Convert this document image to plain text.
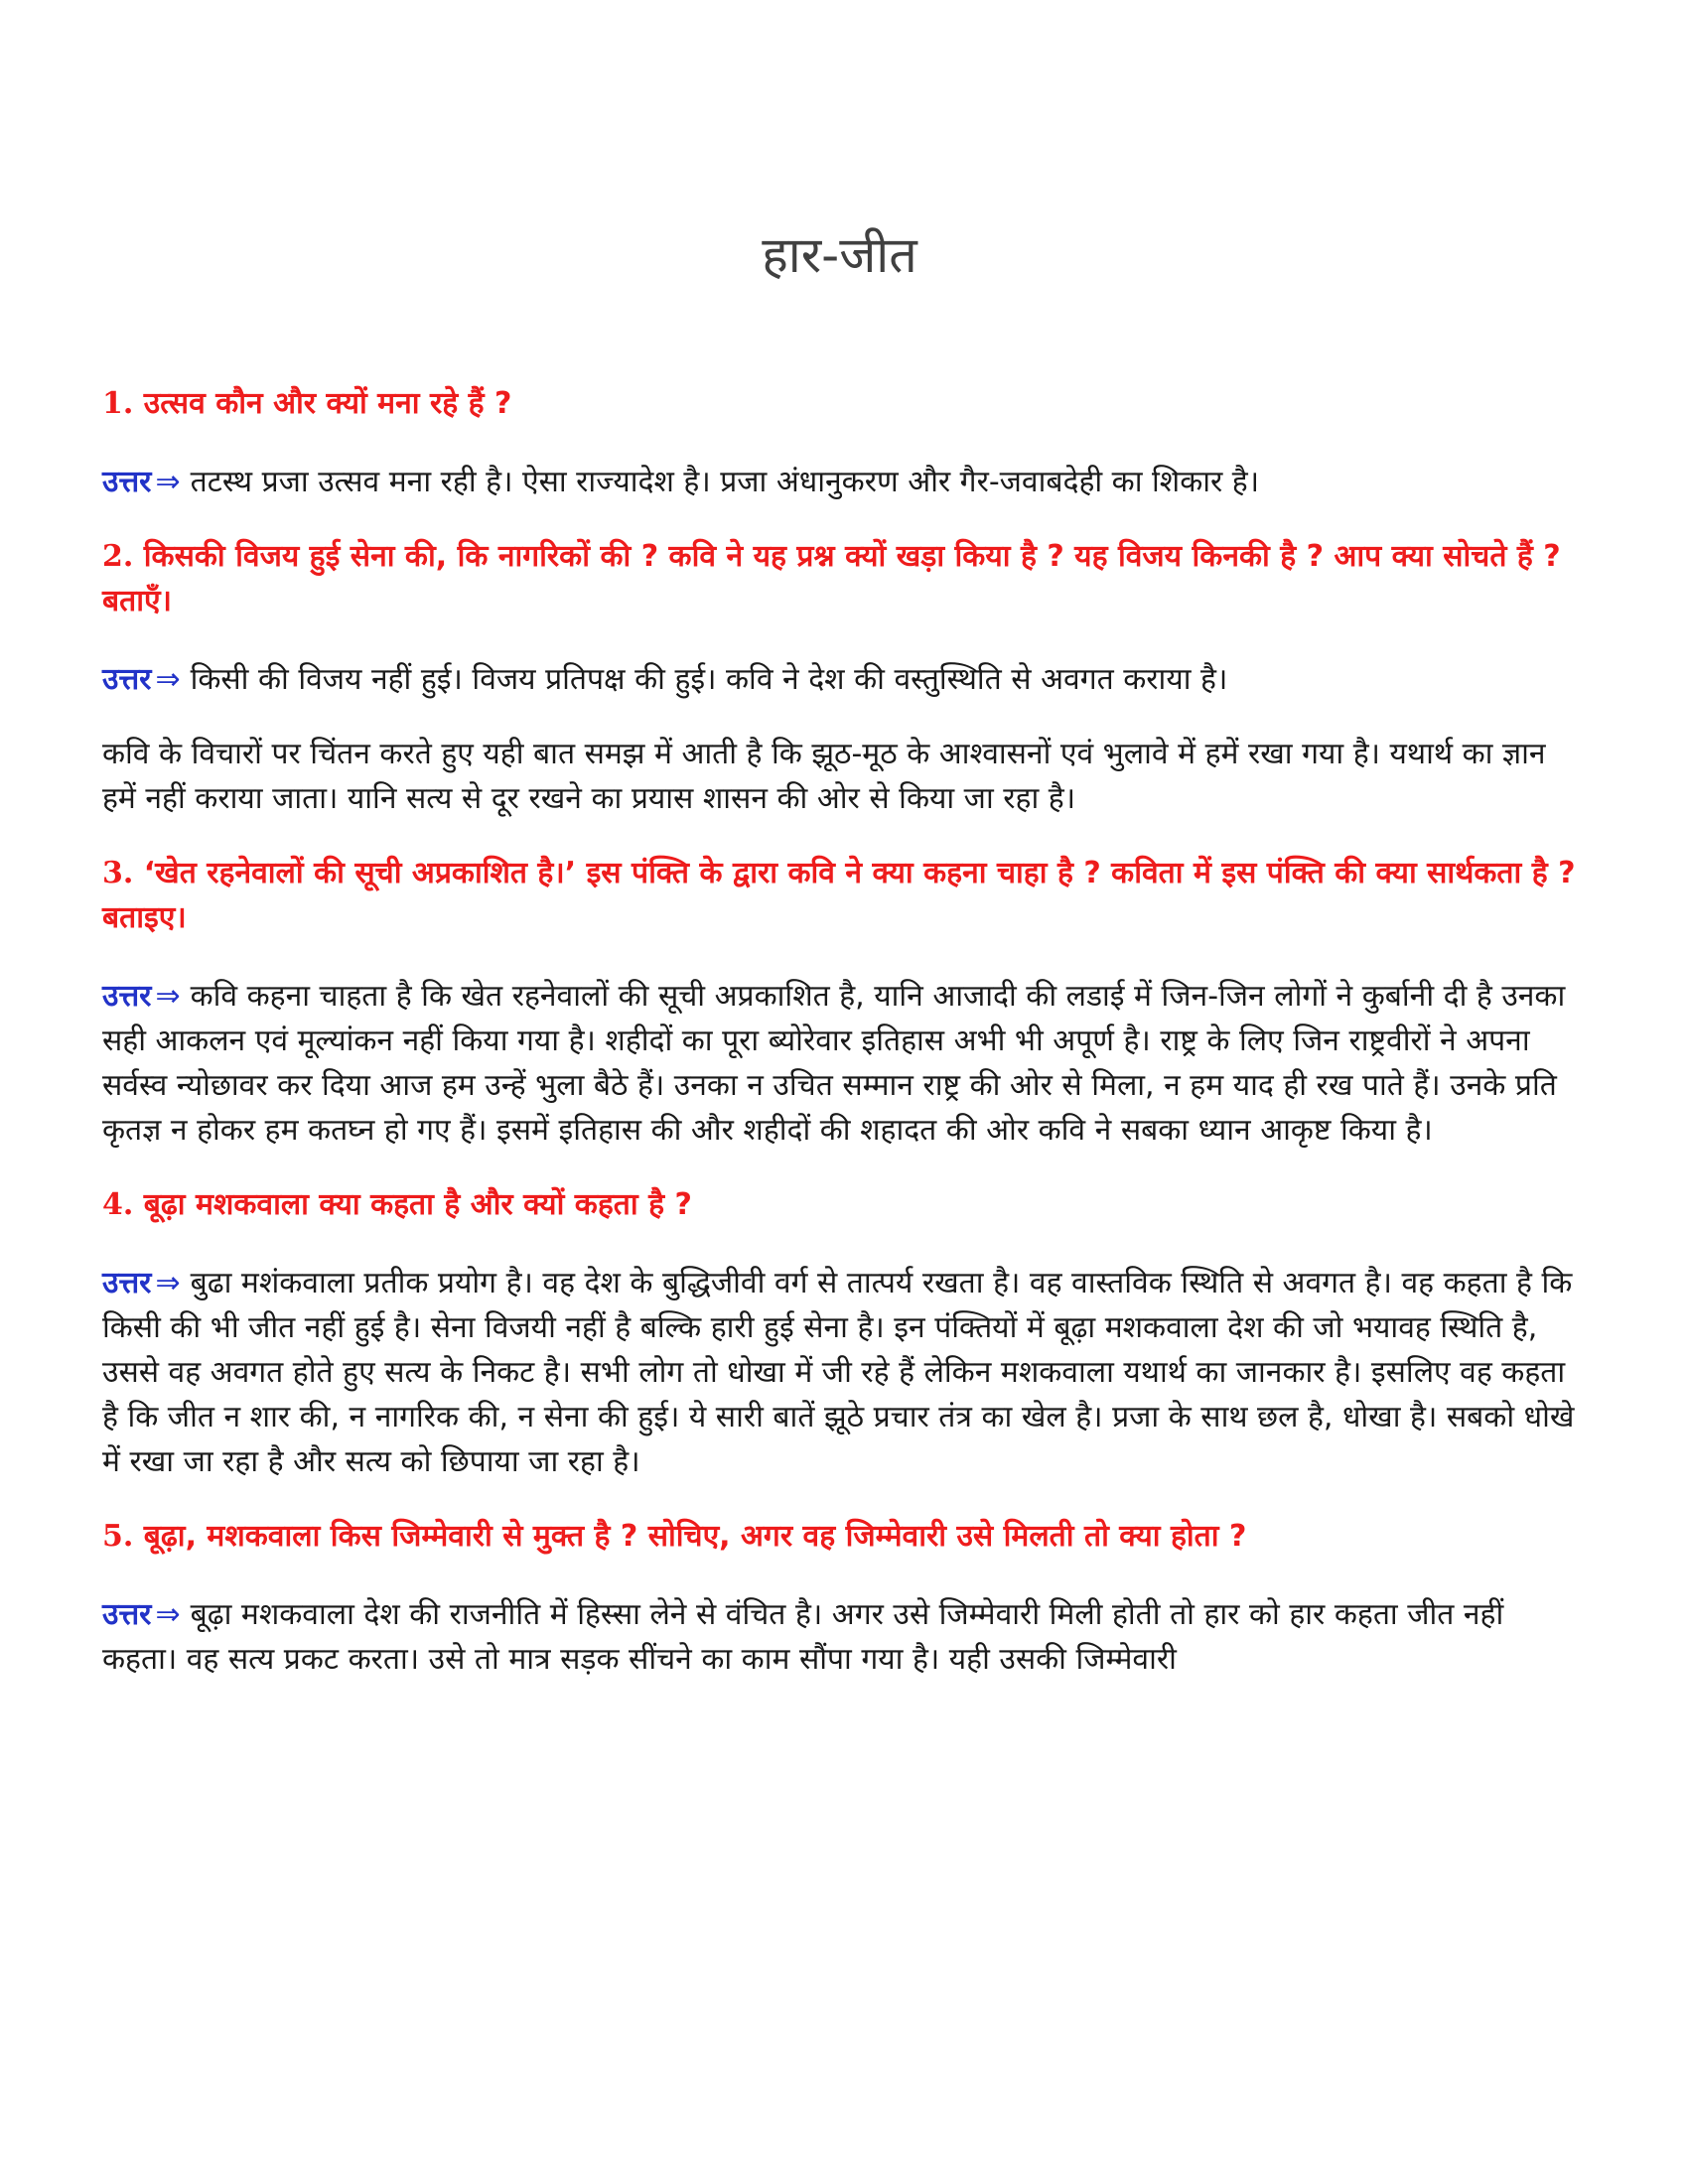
हार-जीत

1. उत्सव कौन और क्यों मना रहे हैं ?

उत्तर ⇒ तटस्थ प्रजा उत्सव मना रही है। ऐसा राज्यादेश है। प्रजा अंधानुकरण और गैर-जवाबदेही का शिकार है।

2. किसकी विजय हुई सेना की, कि नागरिकों की ? कवि ने यह प्रश्न क्यों खड़ा किया है ? यह विजय किनकी है ? आप क्या सोचते हैं ? बताएँ।

उत्तर ⇒ किसी की विजय नहीं हुई। विजय प्रतिपक्ष की हुई। कवि ने देश की वस्तुस्थिति से अवगत कराया है।

कवि के विचारों पर चिंतन करते हुए यही बात समझ में आती है कि झूठ-मूठ के आश्वासनों एवं भुलावे में हमें रखा गया है। यथार्थ का ज्ञान हमें नहीं कराया जाता। यानि सत्य से दूर रखने का प्रयास शासन की ओर से किया जा रहा है।

3. ‘खेत रहनेवालों की सूची अप्रकाशित है।’ इस पंक्ति के द्वारा कवि ने क्या कहना चाहा है ? कविता में इस पंक्ति की क्या सार्थकता है ? बताइए।

उत्तर ⇒ कवि कहना चाहता है कि खेत रहनेवालों की सूची अप्रकाशित है, यानि आजादी की लडाई में जिन-जिन लोगों ने कुर्बानी दी है उनका सही आकलन एवं मूल्यांकन नहीं किया गया है। शहीदों का पूरा ब्योरेवार इतिहास अभी भी अपूर्ण है। राष्ट्र के लिए जिन राष्ट्रवीरों ने अपना सर्वस्व न्योछावर कर दिया आज हम उन्हें भुला बैठे हैं। उनका न उचित सम्मान राष्ट्र की ओर से मिला, न हम याद ही रख पाते हैं। उनके प्रति कृतज्ञ न होकर हम कतघ्न हो गए हैं। इसमें इतिहास की और शहीदों की शहादत की ओर कवि ने सबका ध्यान आकृष्ट किया है।

4. बूढ़ा मशकवाला क्या कहता है और क्यों कहता है ?

उत्तर ⇒ बुढा मशंकवाला प्रतीक प्रयोग है। वह देश के बुद्धिजीवी वर्ग से तात्पर्य रखता है। वह वास्तविक स्थिति से अवगत है। वह कहता है कि किसी की भी जीत नहीं हुई है। सेना विजयी नहीं है बल्कि हारी हुई सेना है। इन पंक्तियों में बूढ़ा मशकवाला देश की जो भयावह स्थिति है, उससे वह अवगत होते हुए सत्य के निकट है। सभी लोग तो धोखा में जी रहे हैं लेकिन मशकवाला यथार्थ का जानकार है। इसलिए वह कहता है कि जीत न शार की, न नागरिक की, न सेना की हुई। ये सारी बातें झूठे प्रचार तंत्र का खेल है। प्रजा के साथ छल है, धोखा है। सबको धोखे में रखा जा रहा है और सत्य को छिपाया जा रहा है।

5. बूढ़ा, मशकवाला किस जिम्मेवारी से मुक्त है ? सोचिए, अगर वह जिम्मेवारी उसे मिलती तो क्या होता ?

उत्तर ⇒ बूढ़ा मशकवाला देश की राजनीति में हिस्सा लेने से वंचित है। अगर उसे जिम्मेवारी मिली होती तो हार को हार कहता जीत नहीं कहता। वह सत्य प्रकट करता। उसे तो मात्र सड़क सींचने का काम सौंपा गया है। यही उसकी जिम्मेवारी
